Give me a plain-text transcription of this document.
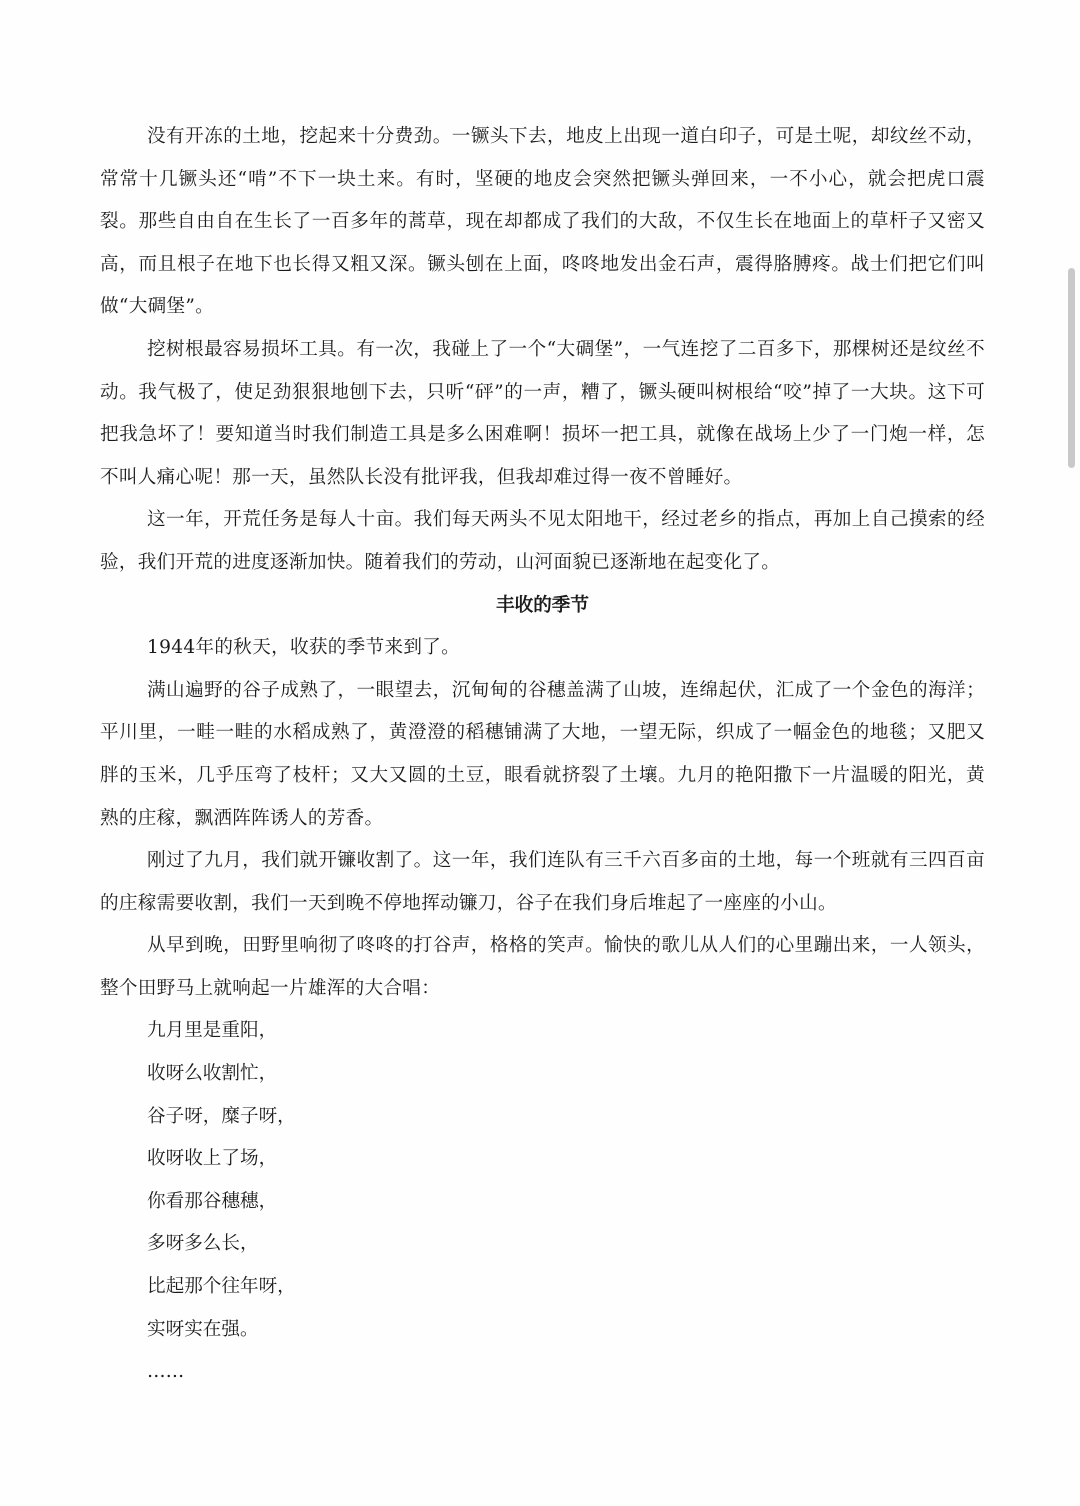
没有开冻的土地，挖起来十分费劲。一镢头下去，地皮上出现一道白印子，可是土呢，却纹丝不动，常常十几镢头还“啃”不下一块土来。有时，坚硬的地皮会突然把镢头弹回来，一不小心，就会把虎口震裂。那些自由自在生长了一百多年的蒿草，现在却都成了我们的大敌，不仅生长在地面上的草杆子又密又高，而且根子在地下也长得又粗又深。镢头刨在上面，咚咚地发出金石声，震得胳膊疼。战士们把它们叫做“大碉堡”。

挖树根最容易损坏工具。有一次，我碰上了一个“大碉堡”，一气连挖了二百多下，那棵树还是纹丝不动。我气极了，使足劲狠狠地刨下去，只听“砰”的一声，糟了，镢头硬叫树根给“咬”掉了一大块。这下可把我急坏了！要知道当时我们制造工具是多么困难啊！损坏一把工具，就像在战场上少了一门炮一样，怎不叫人痛心呢！那一天，虽然队长没有批评我，但我却难过得一夜不曾睡好。

这一年，开荒任务是每人十亩。我们每天两头不见太阳地干，经过老乡的指点，再加上自己摸索的经验，我们开荒的进度逐渐加快。随着我们的劳动，山河面貌已逐渐地在起变化了。

丰收的季节

1944年的秋天，收获的季节来到了。

满山遍野的谷子成熟了，一眼望去，沉甸甸的谷穗盖满了山坡，连绵起伏，汇成了一个金色的海洋；平川里，一畦一畦的水稻成熟了，黄澄澄的稻穗铺满了大地，一望无际，织成了一幅金色的地毯；又肥又胖的玉米，几乎压弯了枝杆；又大又圆的土豆，眼看就挤裂了土壤。九月的艳阳撒下一片温暖的阳光，黄熟的庄稼，飘洒阵阵诱人的芳香。

刚过了九月，我们就开镰收割了。这一年，我们连队有三千六百多亩的土地，每一个班就有三四百亩的庄稼需要收割，我们一天到晚不停地挥动镰刀，谷子在我们身后堆起了一座座的小山。

从早到晚，田野里响彻了咚咚的打谷声，格格的笑声。愉快的歌儿从人们的心里蹦出来，一人领头，整个田野马上就响起一片雄浑的大合唱：

九月里是重阳，
收呀么收割忙，
谷子呀，糜子呀，
收呀收上了场，
你看那谷穗穗，
多呀多么长，
比起那个往年呀，
实呀实在强。
……
